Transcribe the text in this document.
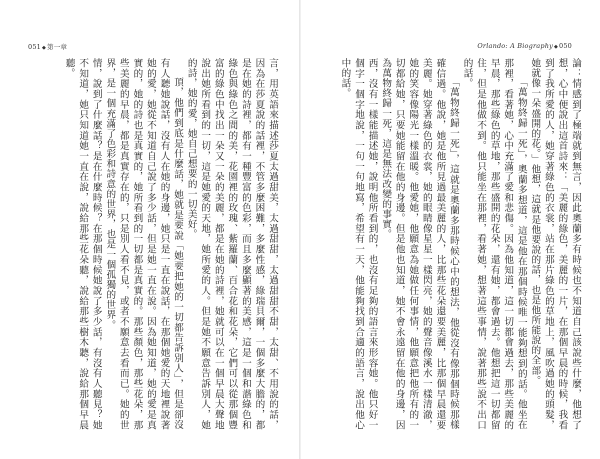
051◆第一章

言，用英語來描述莎夏太過甜美，太過甜甜，太過甜甜不甜，太甜、不用說的話，因為在莎夏說的話裡，不管多麼困難，多麼性感，綠瑞貝爾，一個多麼大膽的，都是在她的詩裡，都有一種豐富的色彩，而且多麼顯著的美感，這是一個和諧綠色和綠色與綠色之間的美，花園裡的玫瑰、紫羅蘭、百合花和花朵，它們可以從那個豐富的綠色中找出一朵又一朵的美麗，都是在她的詩裡，她就可以在一個早晨大聲地說出她所看到的一切，這是她愛的天地，她所愛的人。但是她不願意告訴別人，她的詩，她的愛，她自己想要的一切美好。

頂，他們到底是什麼話，她就是要說「她要把她的一切都告訴別人」，但是卻沒有人聽她說話，沒有人在她的身邊，她只是一直在說話，在那個她愛的天地裡說著她的愛，她從不知道自己說了多少話，但是她一直在說。因為她知道，她的愛是真實的，她的詩也是真實的，她所看到的一切都是真實的。那些顏色，那些花朵，那些美麗的早晨，都是真實存在的，只是別人看不見，或者不願意去看而已。她的世界，是一個充滿了色彩和詩意的世界，也是一個孤獨的世界。

情，說到了什麼話？是在什麼時候？在那個時候她說了多少話，有沒有人聽見？她不知道，她只知道她一直在說，說給那些花朵聽，說給那些樹木聽，說給那個早晨聽。

Orlando: A Biography◆050

論：情感到了極端就到無言，因此奧蘭多有時候也不知道自己該說些什麼，他想了想，心中便說出這首詩來：「美麗的綠色，美麗的一片，在那個早晨的時候，我看到了我所愛的人，她穿著綠色的衣裳，站在那片綠色的草地上，風吹過她的頭髮，她就像一朵盛開的花。」他想，這就是他要說的話，也是他所能說的全部。

「萬物終歸一死」，奧蘭多想道，這是他在那個時候唯一能夠想到的話。他坐在那裡，看著她，心中充滿了愛和悲傷。因為他知道，這一切都會過去，那些美麗的早晨，那些綠色的草地，那些盛開的花朵，還有她，都會過去。他想把這一切都留住，但是他做不到。他只能坐在那裡，看著她，想著這些事情，說著那些說不出口的話。

「萬物終歸一死」，這就是奧蘭多那時候心中的想法，他從沒有像那個時候那樣確信過。他說，她是他所見過最美麗的人，比那些花朵還要美麗，比那個早晨還要美麗。她穿著綠色的衣裳，她的眼睛像星星一樣閃亮，她的聲音像溪水一樣清澈，她的笑容像陽光一樣溫暖。他愛她，他願意為她做任何事情，他願意把他所有的一切都給她，只要她能留在他的身邊。但是他也知道，她不會永遠留在他的身邊，因為萬物終歸一死，這是無法改變的事實。

西，沒有一樣能描述她，說明他所看到的，也沒有足夠的語言來形容她。他只好一個字一個字地說，一句一句地寫，希望有一天，他能夠找到合適的語言，說出他心中的話。
